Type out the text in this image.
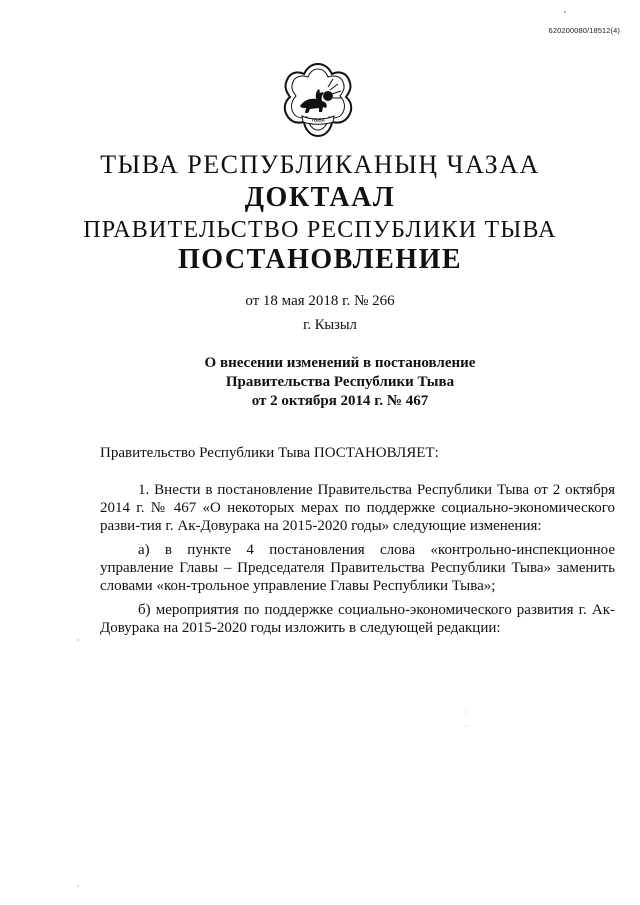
620200080/18512(4)
ТЫВА
ТЫВА РЕСПУБЛИКАНЫҢ ЧАЗАА
ДОКТААЛ
ПРАВИТЕЛЬСТВО РЕСПУБЛИКИ ТЫВА
ПОСТАНОВЛЕНИЕ
от 18 мая 2018 г. № 266
г. Кызыл
О внесении изменений в постановление
Правительства Республики Тыва
от 2 октября 2014 г. № 467
Правительство Республики Тыва ПОСТАНОВЛЯЕТ:
1. Внести в постановление Правительства Республики Тыва от 2 октября 2014 г. № 467 «О некоторых мерах по поддержке социально-экономического разви-тия г. Ак-Довурака на 2015-2020 годы» следующие изменения:
а) в пункте 4 постановления слова «контрольно-инспекционное управление Главы – Председателя Правительства Республики Тыва» заменить словами «кон-трольное управление Главы Республики Тыва»;
б) мероприятия по поддержке социально-экономического развития г. Ак-Довурака на 2015-2020 годы изложить в следующей редакции:
